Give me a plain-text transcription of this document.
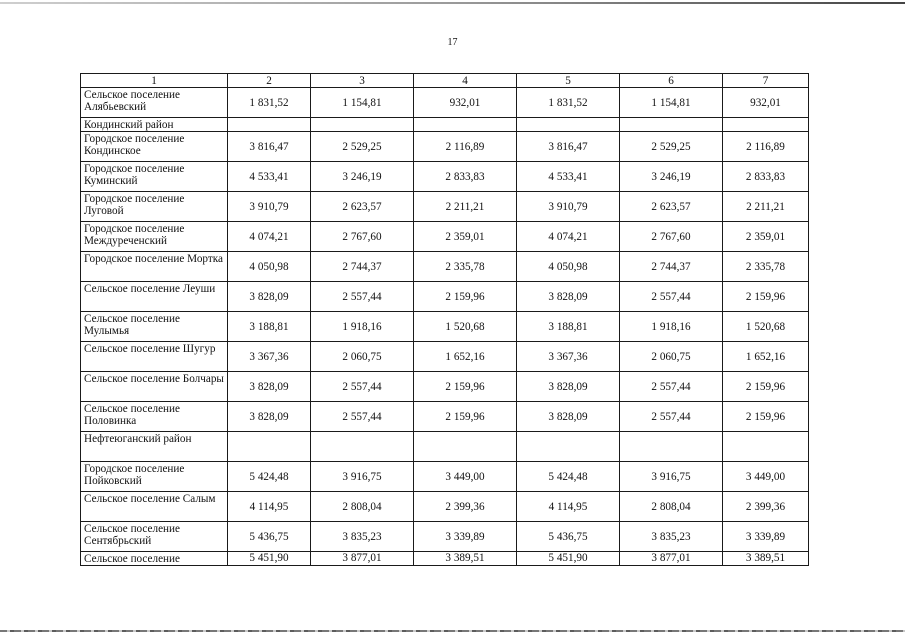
17
1	2	3	4	5	6	7
Сельское поселение Алябьевский	1 831,52	1 154,81	932,01	1 831,52	1 154,81	932,01
Кондинский район						
Городское поселение Кондинское	3 816,47	2 529,25	2 116,89	3 816,47	2 529,25	2 116,89
Городское поселение Куминский	4 533,41	3 246,19	2 833,83	4 533,41	3 246,19	2 833,83
Городское поселение Луговой	3 910,79	2 623,57	2 211,21	3 910,79	2 623,57	2 211,21
Городское поселение Междуреченский	4 074,21	2 767,60	2 359,01	4 074,21	2 767,60	2 359,01
Городское поселение Мортка	4 050,98	2 744,37	2 335,78	4 050,98	2 744,37	2 335,78
Сельское поселение Леуши	3 828,09	2 557,44	2 159,96	3 828,09	2 557,44	2 159,96
Сельское поселение Мулымья	3 188,81	1 918,16	1 520,68	3 188,81	1 918,16	1 520,68
Сельское поселение Шугур	3 367,36	2 060,75	1 652,16	3 367,36	2 060,75	1 652,16
Сельское поселение Болчары	3 828,09	2 557,44	2 159,96	3 828,09	2 557,44	2 159,96
Сельское поселение Половинка	3 828,09	2 557,44	2 159,96	3 828,09	2 557,44	2 159,96
Нефтеюганский район						
Городское поселение Пойковский	5 424,48	3 916,75	3 449,00	5 424,48	3 916,75	3 449,00
Сельское поселение Салым	4 114,95	2 808,04	2 399,36	4 114,95	2 808,04	2 399,36
Сельское поселение Сентябрьский	5 436,75	3 835,23	3 339,89	5 436,75	3 835,23	3 339,89
Сельское поселение	5 451,90	3 877,01	3 389,51	5 451,90	3 877,01	3 389,51
